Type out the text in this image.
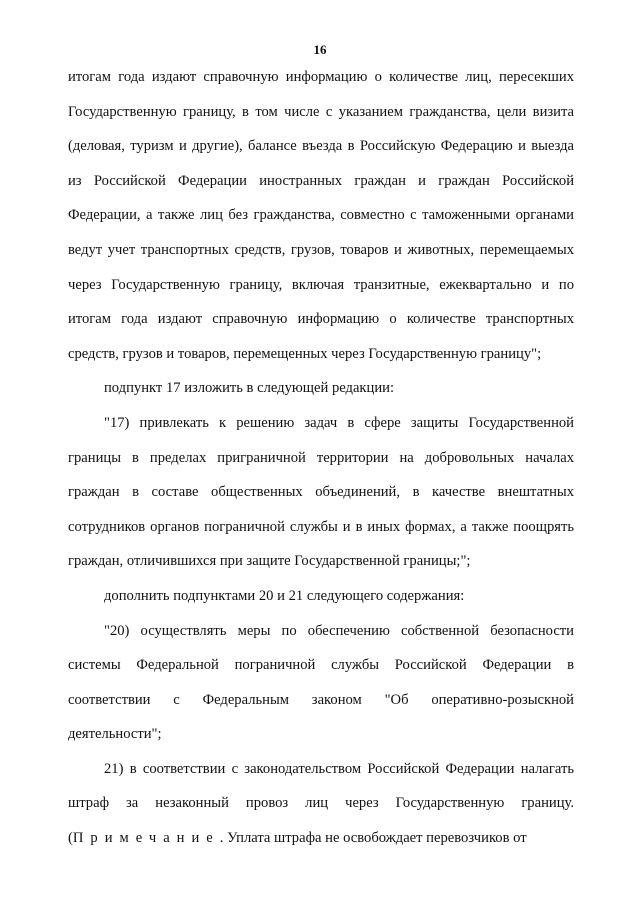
16

итогам года издают справочную информацию о количестве лиц, пересекших Государственную границу, в том числе с указанием гражданства, цели визита (деловая, туризм и другие), балансе въезда в Российскую Федерацию и выезда из Российской Федерации иностранных граждан и граждан Российской Федерации, а также лиц без гражданства, совместно с таможенными органами ведут учет транспортных средств, грузов, товаров и животных, перемещаемых через Государственную границу, включая транзитные, ежеквартально и по итогам года издают справочную информацию о количестве транспортных средств, грузов и товаров, перемещенных через Государственную границу";

подпункт 17 изложить в следующей редакции:

"17) привлекать к решению задач в сфере защиты Государственной границы в пределах приграничной территории на добровольных началах граждан в составе общественных объединений, в качестве внештатных сотрудников органов пограничной службы и в иных формах, а также поощрять граждан, отличившихся при защите Государственной границы;";

дополнить подпунктами 20 и 21 следующего содержания:

"20) осуществлять меры по обеспечению собственной безопасности системы Федеральной пограничной службы Российской Федерации в соответствии с Федеральным законом "Об оперативно-розыскной деятельности";

21) в соответствии с законодательством Российской Федерации налагать штраф за незаконный провоз лиц через Государственную границу. (Примечание. Уплата штрафа не освобождает перевозчиков от
